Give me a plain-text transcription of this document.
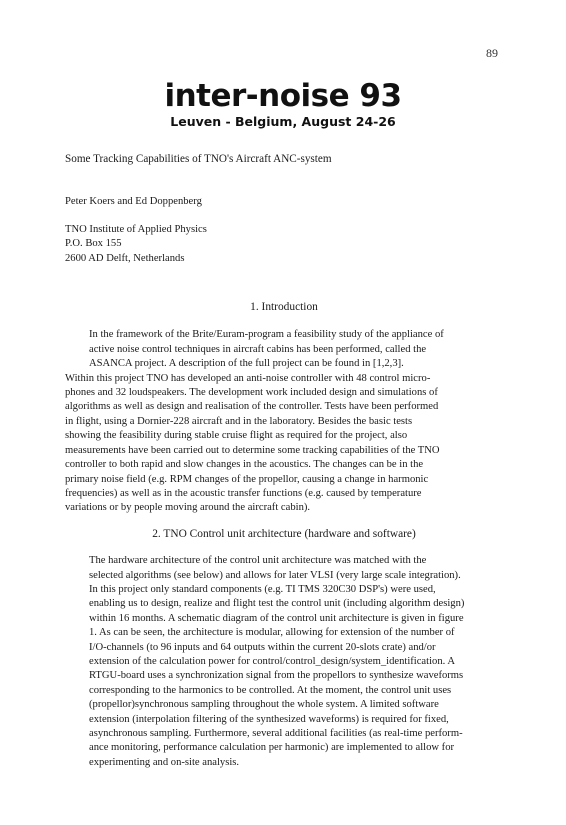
89
inter-noise 93
Leuven - Belgium, August 24-26
Some Tracking Capabilities of TNO's Aircraft ANC-system
Peter Koers and Ed Doppenberg
TNO Institute of Applied Physics
P.O. Box 155
2600 AD Delft, Netherlands
1. Introduction

In the framework of the Brite/Euram-program a feasibility study of the appliance of
active noise control techniques in aircraft cabins has been performed, called the
ASANCA project. A description of the full project can be found in [1,2,3].

Within this project TNO has developed an anti-noise controller with 48 control micro-
phones and 32 loudspeakers. The development work included design and simulations of
algorithms as well as design and realisation of the controller. Tests have been performed
in flight, using a Dornier-228 aircraft and in the laboratory. Besides the basic tests
showing the feasibility during stable cruise flight as required for the project, also
measurements have been carried out to determine some tracking capabilities of the TNO
controller to both rapid and slow changes in the acoustics. The changes can be in the
primary noise field (e.g. RPM changes of the propellor, causing a change in harmonic
frequencies) as well as in the acoustic transfer functions (e.g. caused by temperature
variations or by people moving around the aircraft cabin).

2. TNO Control unit architecture (hardware and software)

The hardware architecture of the control unit architecture was matched with the
selected algorithms (see below) and allows for later VLSI (very large scale integration).
In this project only standard components (e.g. TI TMS 320C30 DSP's) were used,
enabling us to design, realize and flight test the control unit (including algorithm design)
within 16 months. A schematic diagram of the control unit architecture is given in figure
1. As can be seen, the architecture is modular, allowing for extension of the number of
I/O-channels (to 96 inputs and 64 outputs within the current 20-slots crate) and/or
extension of the calculation power for control/control_design/system_identification. A
RTGU-board uses a synchronization signal from the propellors to synthesize waveforms
corresponding to the harmonics to be controlled. At the moment, the control unit uses
(propellor)synchronous sampling throughout the whole system. A limited software
extension (interpolation filtering of the synthesized waveforms) is required for fixed,
asynchronous sampling. Furthermore, several additional facilities (as real-time perform-
ance monitoring, performance calculation per harmonic) are implemented to allow for
experimenting and on-site analysis.
